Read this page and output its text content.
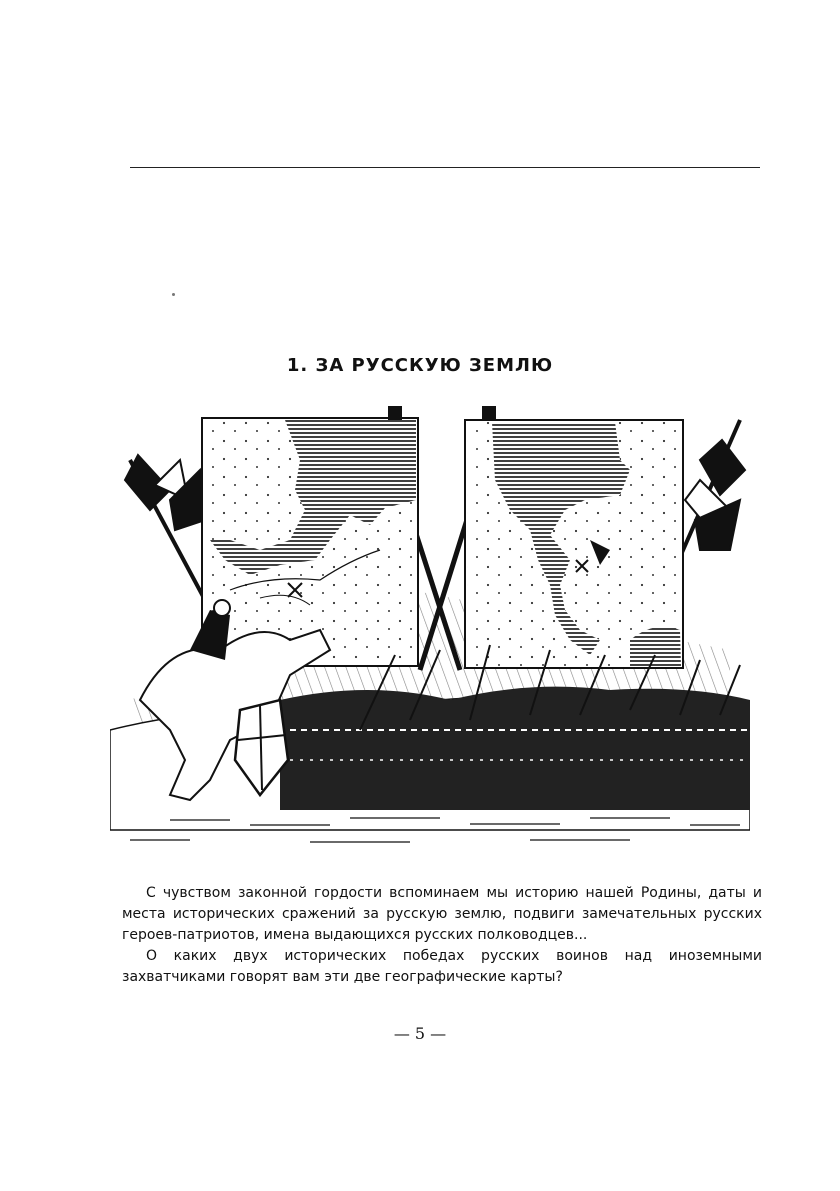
1. ЗА РУССКУЮ ЗЕМЛЮ

С чувством законной гордости вспоминаем мы историю нашей Родины, даты и места исторических сражений за русскую землю, подвиги замечательных русских героев-патриотов, имена выдающихся русских полководцев...

О каких двух исторических победах русских воинов над иноземными захватчиками говорят вам эти две географические карты?

— 5 —
